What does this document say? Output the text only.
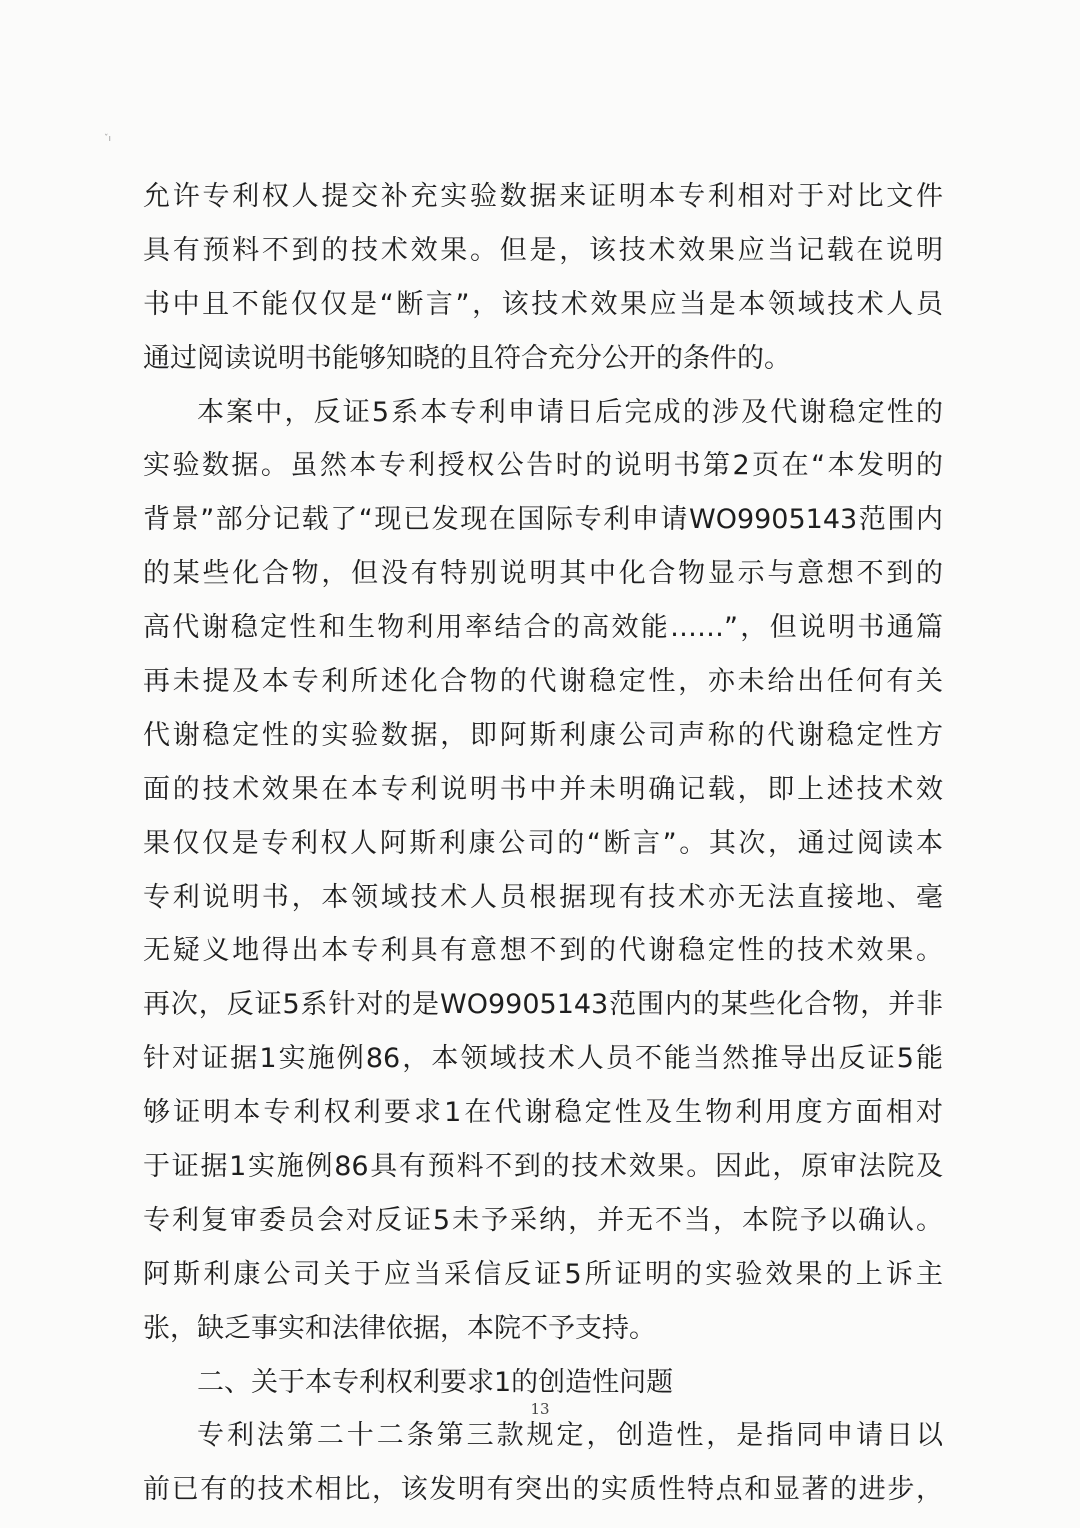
ˇı
允许专利权人提交补充实验数据来证明本专利相对于对比文件
具有预料不到的技术效果。但是，该技术效果应当记载在说明
书中且不能仅仅是“断言”，该技术效果应当是本领域技术人员
通过阅读说明书能够知晓的且符合充分公开的条件的。
本案中，反证5系本专利申请日后完成的涉及代谢稳定性的
实验数据。虽然本专利授权公告时的说明书第2页在“本发明的
背景”部分记载了“现已发现在国际专利申请WO9905143范围内
的某些化合物，但没有特别说明其中化合物显示与意想不到的
高代谢稳定性和生物利用率结合的高效能……”，但说明书通篇
再未提及本专利所述化合物的代谢稳定性，亦未给出任何有关
代谢稳定性的实验数据，即阿斯利康公司声称的代谢稳定性方
面的技术效果在本专利说明书中并未明确记载，即上述技术效
果仅仅是专利权人阿斯利康公司的“断言”。其次，通过阅读本
专利说明书，本领域技术人员根据现有技术亦无法直接地、毫
无疑义地得出本专利具有意想不到的代谢稳定性的技术效果。
再次，反证5系针对的是WO9905143范围内的某些化合物，并非
针对证据1实施例86，本领域技术人员不能当然推导出反证5能
够证明本专利权利要求1在代谢稳定性及生物利用度方面相对
于证据1实施例86具有预料不到的技术效果。因此，原审法院及
专利复审委员会对反证5未予采纳，并无不当，本院予以确认。
阿斯利康公司关于应当采信反证5所证明的实验效果的上诉主
张，缺乏事实和法律依据，本院不予支持。
二、关于本专利权利要求1的创造性问题
专利法第二十二条第三款规定，创造性，是指同申请日以
前已有的技术相比，该发明有突出的实质性特点和显著的进步，
13
